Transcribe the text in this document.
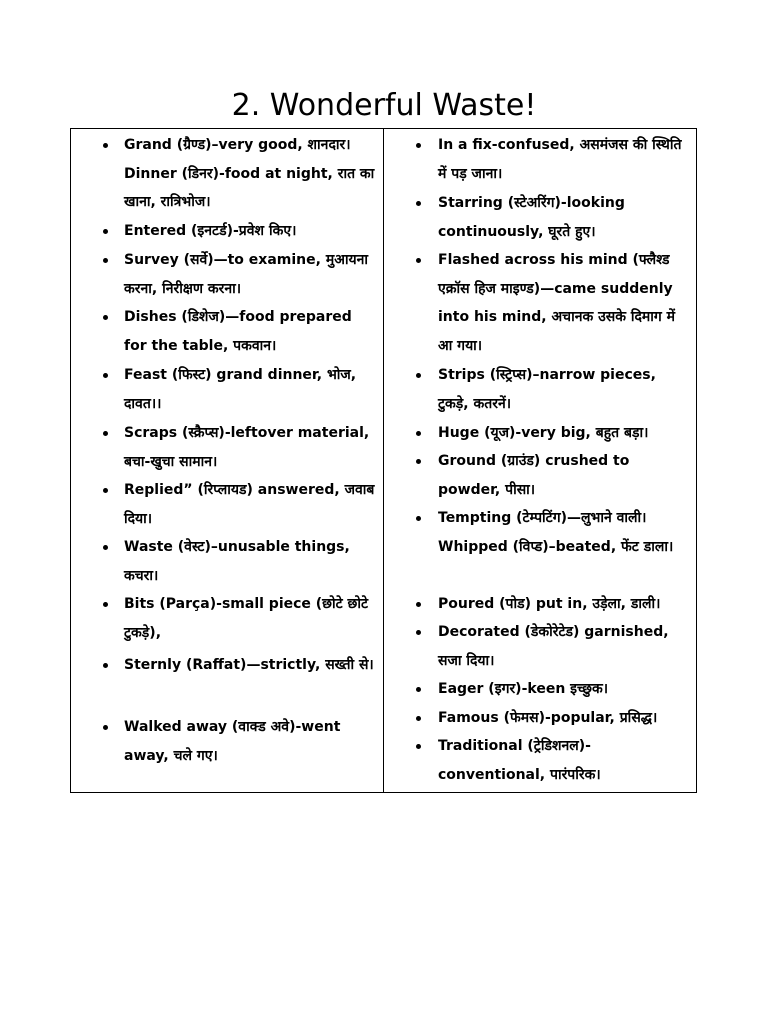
2. Wonderful Waste!
Grand (ग्रैण्ड)–very good, शानदार। Dinner (डिनर)-food at night, रात का खाना, रात्रिभोज।
Entered (इनटर्ड)-प्रवेश किए।
Survey (सर्वे)—to examine, मुआयना करना, निरीक्षण करना।
Dishes (डिशेज)—food prepared for the table, पकवान।
Feast (फिस्ट) grand dinner, भोज, दावत।।
Scraps (स्क्रैप्स)-leftover material, बचा-खुचा सामान।
Replied” (रिप्लायड) answered, जवाब दिया।
Waste (वेस्ट)–unusable things, कचरा।
Bits (Parça)-small piece (छोटे छोटे टुकड़े),
Sternly (Raffat)—strictly, सख्ती से।
Walked away (वाक्ड अवे)-went away, चले गए।
In a fix-confused, असमंजस की स्थिति में पड़ जाना।
Starring (स्टेअरिंग)-looking continuously, घूरते हुए।
Flashed across his mind (फ्लैश्ड एक्रॉस हिज माइण्ड)—came suddenly into his mind, अचानक उसके दिमाग में आ गया।
Strips (स्ट्रिप्स)–narrow pieces, टुकड़े, कतरनें।
Huge (यूज)-very big, बहुत बड़ा।
Ground (ग्राउंड) crushed to powder, पीसा।
Tempting (टेम्पटिंग)—लुभाने वाली। Whipped (विप्ड)–beated, फेंट डाला।
Poured (पोड) put in, उड़ेला, डाली।
Decorated (डेकोरेटेड) garnished, सजा दिया।
Eager (इगर)-keen इच्छुक।
Famous (फेमस)-popular, प्रसिद्ध।
Traditional (ट्रेडिशनल)-conventional, पारंपरिक।
